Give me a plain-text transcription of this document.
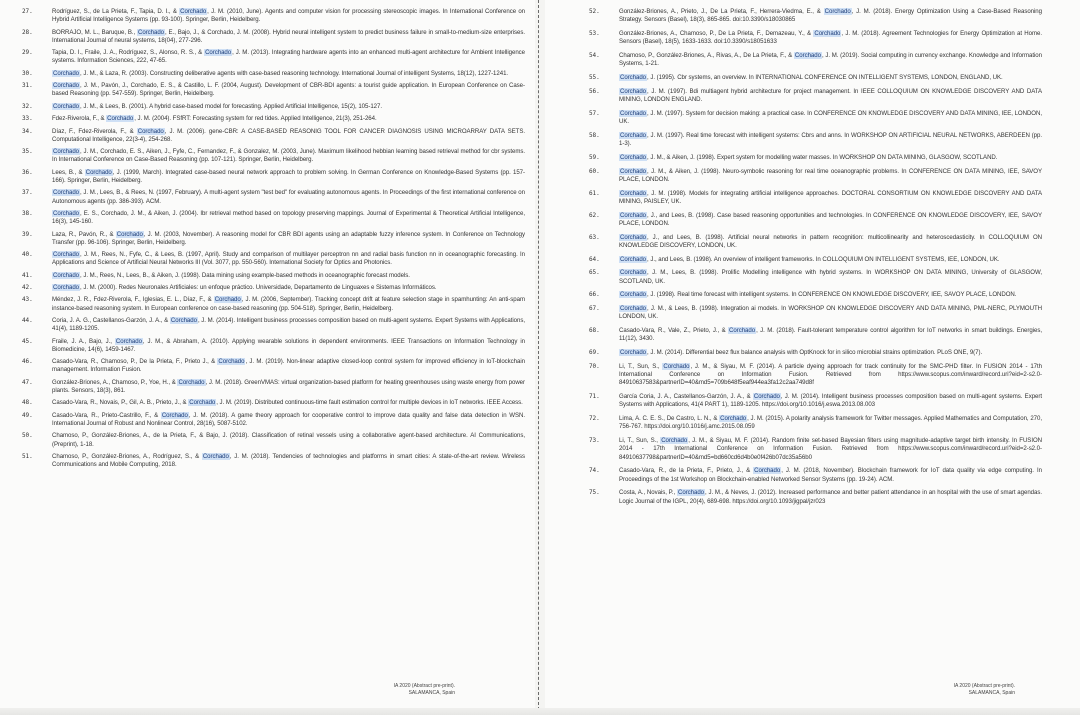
27.	Rodríguez, S., de La Prieta, F., Tapia, D. I., & Corchado, J. M. (2010, June). Agents and computer vision for processing stereoscopic images. In International Conference on Hybrid Artificial Intelligence Systems (pp. 93-100). Springer, Berlin, Heidelberg.
28.	BORRAJO, M. L., Baruque, B., Corchado, E., Bajo, J., & Corchado, J. M. (2008). Hybrid neural intelligent system to predict business failure in small-to-medium-size enterprises. International Journal of neural systems, 18(04), 277-296.
29.	Tapia, D. I., Fraile, J. A., Rodríguez, S., Alonso, R. S., & Corchado, J. M. (2013). Integrating hardware agents into an enhanced multi-agent architecture for Ambient Intelligence systems. Information Sciences, 222, 47-65.
30.	Corchado, J. M., & Laza, R. (2003). Constructing deliberative agents with case-based reasoning technology. International Journal of intelligent Systems, 18(12), 1227-1241.
31.	Corchado, J. M., Pavón, J., Corchado, E. S., & Castillo, L. F. (2004, August). Development of CBR-BDI agents: a tourist guide application. In European Conference on Case-based Reasoning (pp. 547-559). Springer, Berlin, Heidelberg.
32.	Corchado, J. M., & Lees, B. (2001). A hybrid case-based model for forecasting. Applied Artificial Intelligence, 15(2), 105-127.
33.	Fdez-Riverola, F., & Corchado, J. M. (2004). FSfRT: Forecasting system for red tides. Applied Intelligence, 21(3), 251-264.
34.	Díaz, F., Fdez-Riverola, F., & Corchado, J. M. (2006). gene-CBR: A CASE-BASED REASONIG TOOL FOR CANCER DIAGNOSIS USING MICROARRAY DATA SETS. Computational Intelligence, 22(3-4), 254-268.
35.	Corchado, J. M., Corchado, E. S., Aiken, J., Fyfe, C., Fernandez, F., & Gonzalez, M. (2003, June). Maximum likelihood hebbian learning based retrieval method for cbr systems. In International Conference on Case-Based Reasoning (pp. 107-121). Springer, Berlin, Heidelberg.
36.	Lees, B., & Corchado, J. (1999, March). Integrated case-based neural network approach to problem solving. In German Conference on Knowledge-Based Systems (pp. 157-166). Springer, Berlin, Heidelberg.
37.	Corchado, J. M., Lees, B., & Rees, N. (1997, February). A multi-agent system "test bed" for evaluating autonomous agents. In Proceedings of the first international conference on Autonomous agents (pp. 386-393). ACM.
38.	Corchado, E. S., Corchado, J. M., & Aiken, J. (2004). Ibr retrieval method based on topology preserving mappings. Journal of Experimental & Theoretical Artificial Intelligence, 16(3), 145-160.
39.	Laza, R., Pavón, R., & Corchado, J. M. (2003, November). A reasoning model for CBR BDI agents using an adaptable fuzzy inference system. In Conference on Technology Transfer (pp. 96-106). Springer, Berlin, Heidelberg.
40.	Corchado, J. M., Rees, N., Fyfe, C., & Lees, B. (1997, April). Study and comparison of multilayer perceptron nn and radial basis function nn in oceanographic forecasting. In Applications and Science of Artificial Neural Networks III (Vol. 3077, pp. 550-560). International Society for Optics and Photonics.
41.	Corchado, J. M., Rees, N., Lees, B., & Aiken, J. (1998). Data mining using example-based methods in oceanographic forecast models.
42.	Corchado, J. M. (2000). Redes Neuronales Artificiales: un enfoque práctico. Universidade, Departamento de Linguaxes e Sistemas Informáticos.
43.	Méndez, J. R., Fdez-Riverola, F., Iglesias, E. L., Díaz, F., & Corchado, J. M. (2006, September). Tracking concept drift at feature selection stage in spamhunting: An anti-spam instance-based reasoning system. In European conference on case-based reasoning (pp. 504-518). Springer, Berlin, Heidelberg.
44.	Coria, J. A. G., Castellanos-Garzón, J. A., & Corchado, J. M. (2014). Intelligent business processes composition based on multi-agent systems. Expert Systems with Applications, 41(4), 1189-1205.
45.	Fraile, J. A., Bajo, J., Corchado, J. M., & Abraham, A. (2010). Applying wearable solutions in dependent environments. IEEE Transactions on Information Technology in Biomedicine, 14(6), 1459-1467.
46.	Casado-Vara, R., Chamoso, P., De la Prieta, F., Prieto J., & Corchado, J. M. (2019). Non-linear adaptive closed-loop control system for improved efficiency in IoT-blockchain management. Information Fusion.
47.	González-Briones, A., Chamoso, P., Yoe, H., & Corchado, J. M. (2018). GreenVMAS: virtual organization-based platform for heating greenhouses using waste energy from power plants. Sensors, 18(3), 861.
48.	Casado-Vara, R., Novais, P., Gil, A. B., Prieto, J., & Corchado, J. M. (2019). Distributed continuous-time fault estimation control for multiple devices in IoT networks. IEEE Access.
49.	Casado-Vara, R., Prieto-Castrillo, F., & Corchado, J. M. (2018). A game theory approach for cooperative control to improve data quality and false data detection in WSN. International Journal of Robust and Nonlinear Control, 28(16), 5087-5102.
50.	Chamoso, P., González-Briones, A., de la Prieta, F., & Bajo, J. (2018). Classification of retinal vessels using a collaborative agent-based architecture. AI Communications, (Preprint), 1-18.
51.	Chamoso, P., González-Briones, A., Rodríguez, S., & Corchado, J. M. (2018). Tendencies of technologies and platforms in smart cities: A state-of-the-art review. Wireless Communications and Mobile Computing, 2018.
IA 2020 (Abstract pre-print).
SALAMANCA, Spain
52.	González-Briones, A., Prieto, J., De La Prieta, F., Herrera-Viedma, E., & Corchado, J. M. (2018). Energy Optimization Using a Case-Based Reasoning Strategy. Sensors (Basel), 18(3), 865-865. doi:10.3390/s18030865
53.	González-Briones, A., Chamoso, P., De La Prieta, F., Demazeau, Y., & Corchado, J. M. (2018). Agreement Technologies for Energy Optimization at Home. Sensors (Basel), 18(5), 1633-1633. doi:10.3390/s18051633
54.	Chamoso, P., González-Briones, A., Rivas, A., De La Prieta, F., & Corchado, J. M. (2019). Social computing in currency exchange. Knowledge and Information Systems, 1-21.
55.	Corchado, J. (1995). Cbr systems, an overview. In INTERNATIONAL CONFERENCE ON INTELLIGENT SYSTEMS, LONDON, ENGLAND, UK.
56.	Corchado, J. M. (1997). Bdi multiagent hybrid architecture for project management. In IEEE COLLOQUIUM ON KNOWLEDGE DISCOVERY AND DATA MINING, LONDON ENGLAND.
57.	Corchado, J. M. (1997). System for decision making: a practical case. In CONFERENCE ON KNOWLEDGE DISCOVERY AND DATA MINING, IEE, LONDON, UK.
58.	Corchado, J. M. (1997). Real time forecast with intelligent systems: Cbrs and anns. In WORKSHOP ON ARTIFICIAL NEURAL NETWORKS, ABERDEEN (pp. 1-3).
59.	Corchado, J. M., & Aiken, J. (1998). Expert system for modelling water masses. In WORKSHOP ON DATA MINING, GLASGOW, SCOTLAND.
60.	Corchado, J. M., & Aiken, J. (1998). Neuro-symbolic reasoning for real time oceanographic problems. In CONFERENCE ON DATA MINING, IEE, SAVOY PLACE, LONDON.
61.	Corchado, J. M. (1998). Models for integrating artificial intelligence approaches. DOCTORAL CONSORTIUM ON KNOWLEDGE DISCOVERY AND DATA MINING, PAISLEY, UK.
62.	Corchado, J., and Lees, B. (1998). Case based reasoning opportunities and technologies. In CONFERENCE ON KNOWLEDGE DISCOVERY, IEE, SAVOY PLACE, LONDON.
63.	Corchado, J., and Lees, B. (1998). Artificial neural networks in pattern recognition: multicollinearity and heteroscedasticity. In COLLOQUIUM ON KNOWLEDGE DISCOVERY, LONDON, UK.
64.	Corchado, J., and Lees, B. (1998). An overview of intelligent frameworks. In COLLOQUIUM ON INTELLIGENT SYSTEMS, IEE, LONDON, UK.
65.	Corchado, J. M., Lees, B. (1998). Prolific Modelling intelligence with hybrid systems. In WORKSHOP ON DATA MINING, University of GLASGOW, SCOTLAND, UK.
66.	Corchado, J. (1998). Real time forecast with intelligent systems. In CONFERENCE ON KNOWLEDGE DISCOVERY, IEE, SAVOY PLACE, LONDON.
67.	Corchado, J. M., & Lees, B. (1998). Integration ai models. In WORKSHOP ON KNOWLEDGE DISCOVERY AND DATA MINING, PML-NERC, PLYMOUTH LONDON, UK.
68.	Casado-Vara, R., Vale, Z., Prieto, J., & Corchado, J. M. (2018). Fault-tolerant temperature control algorithm for IoT networks in smart buildings. Energies, 11(12), 3430.
69.	Corchado, J. M. (2014). Differential beez flux balance analysis with OptKnock for in silico microbial strains optimization. PLoS ONE, 9(7).
70.	Li, T., Sun, S., Corchado, J. M., & Siyau, M. F. (2014). A particle dyeing approach for track continuity for the SMC-PHD filter. In FUSION 2014 - 17th International Conference on Information Fusion. Retrieved from https://www.scopus.com/inward/record.uri?eid=2-s2.0-84910637583&partnerID=40&md5=709b648f5eaf944ea3fa12c2aa749d8f
71.	García Coria, J. A., Castellanos-Garzón, J. A., & Corchado, J. M. (2014). Intelligent business processes composition based on multi-agent systems. Expert Systems with Applications, 41(4 PART 1), 1189-1205. https://doi.org/10.1016/j.eswa.2013.08.003
72.	Lima, A. C. E. S., De Castro, L. N., & Corchado, J. M. (2015). A polarity analysis framework for Twitter messages. Applied Mathematics and Computation, 270, 756-767. https://doi.org/10.1016/j.amc.2015.08.059
73.	Li, T., Sun, S., Corchado, J. M., & Siyau, M. F. (2014). Random finite set-based Bayesian filters using magnitude-adaptive target birth intensity. In FUSION 2014 - 17th International Conference on Information Fusion. Retrieved from https://www.scopus.com/inward/record.uri?eid=2-s2.0-84910637798&partnerID=40&md5=bd660cd6d4b0e0f426b07dc35a56b0
74.	Casado-Vara, R., de la Prieta, F., Prieto, J., & Corchado, J. M. (2018, November). Blockchain framework for IoT data quality via edge computing. In Proceedings of the 1st Workshop on Blockchain-enabled Networked Sensor Systems (pp. 19-24). ACM.
75.	Costa, A., Novais, P., Corchado, J. M., & Neves, J. (2012). Increased performance and better patient attendance in an hospital with the use of smart agendas. Logic Journal of the IGPL, 20(4), 689-698. https://doi.org/10.1093/jigpal/jzr023
IA 2020 (Abstract pre-print).
SALAMANCA, Spain
